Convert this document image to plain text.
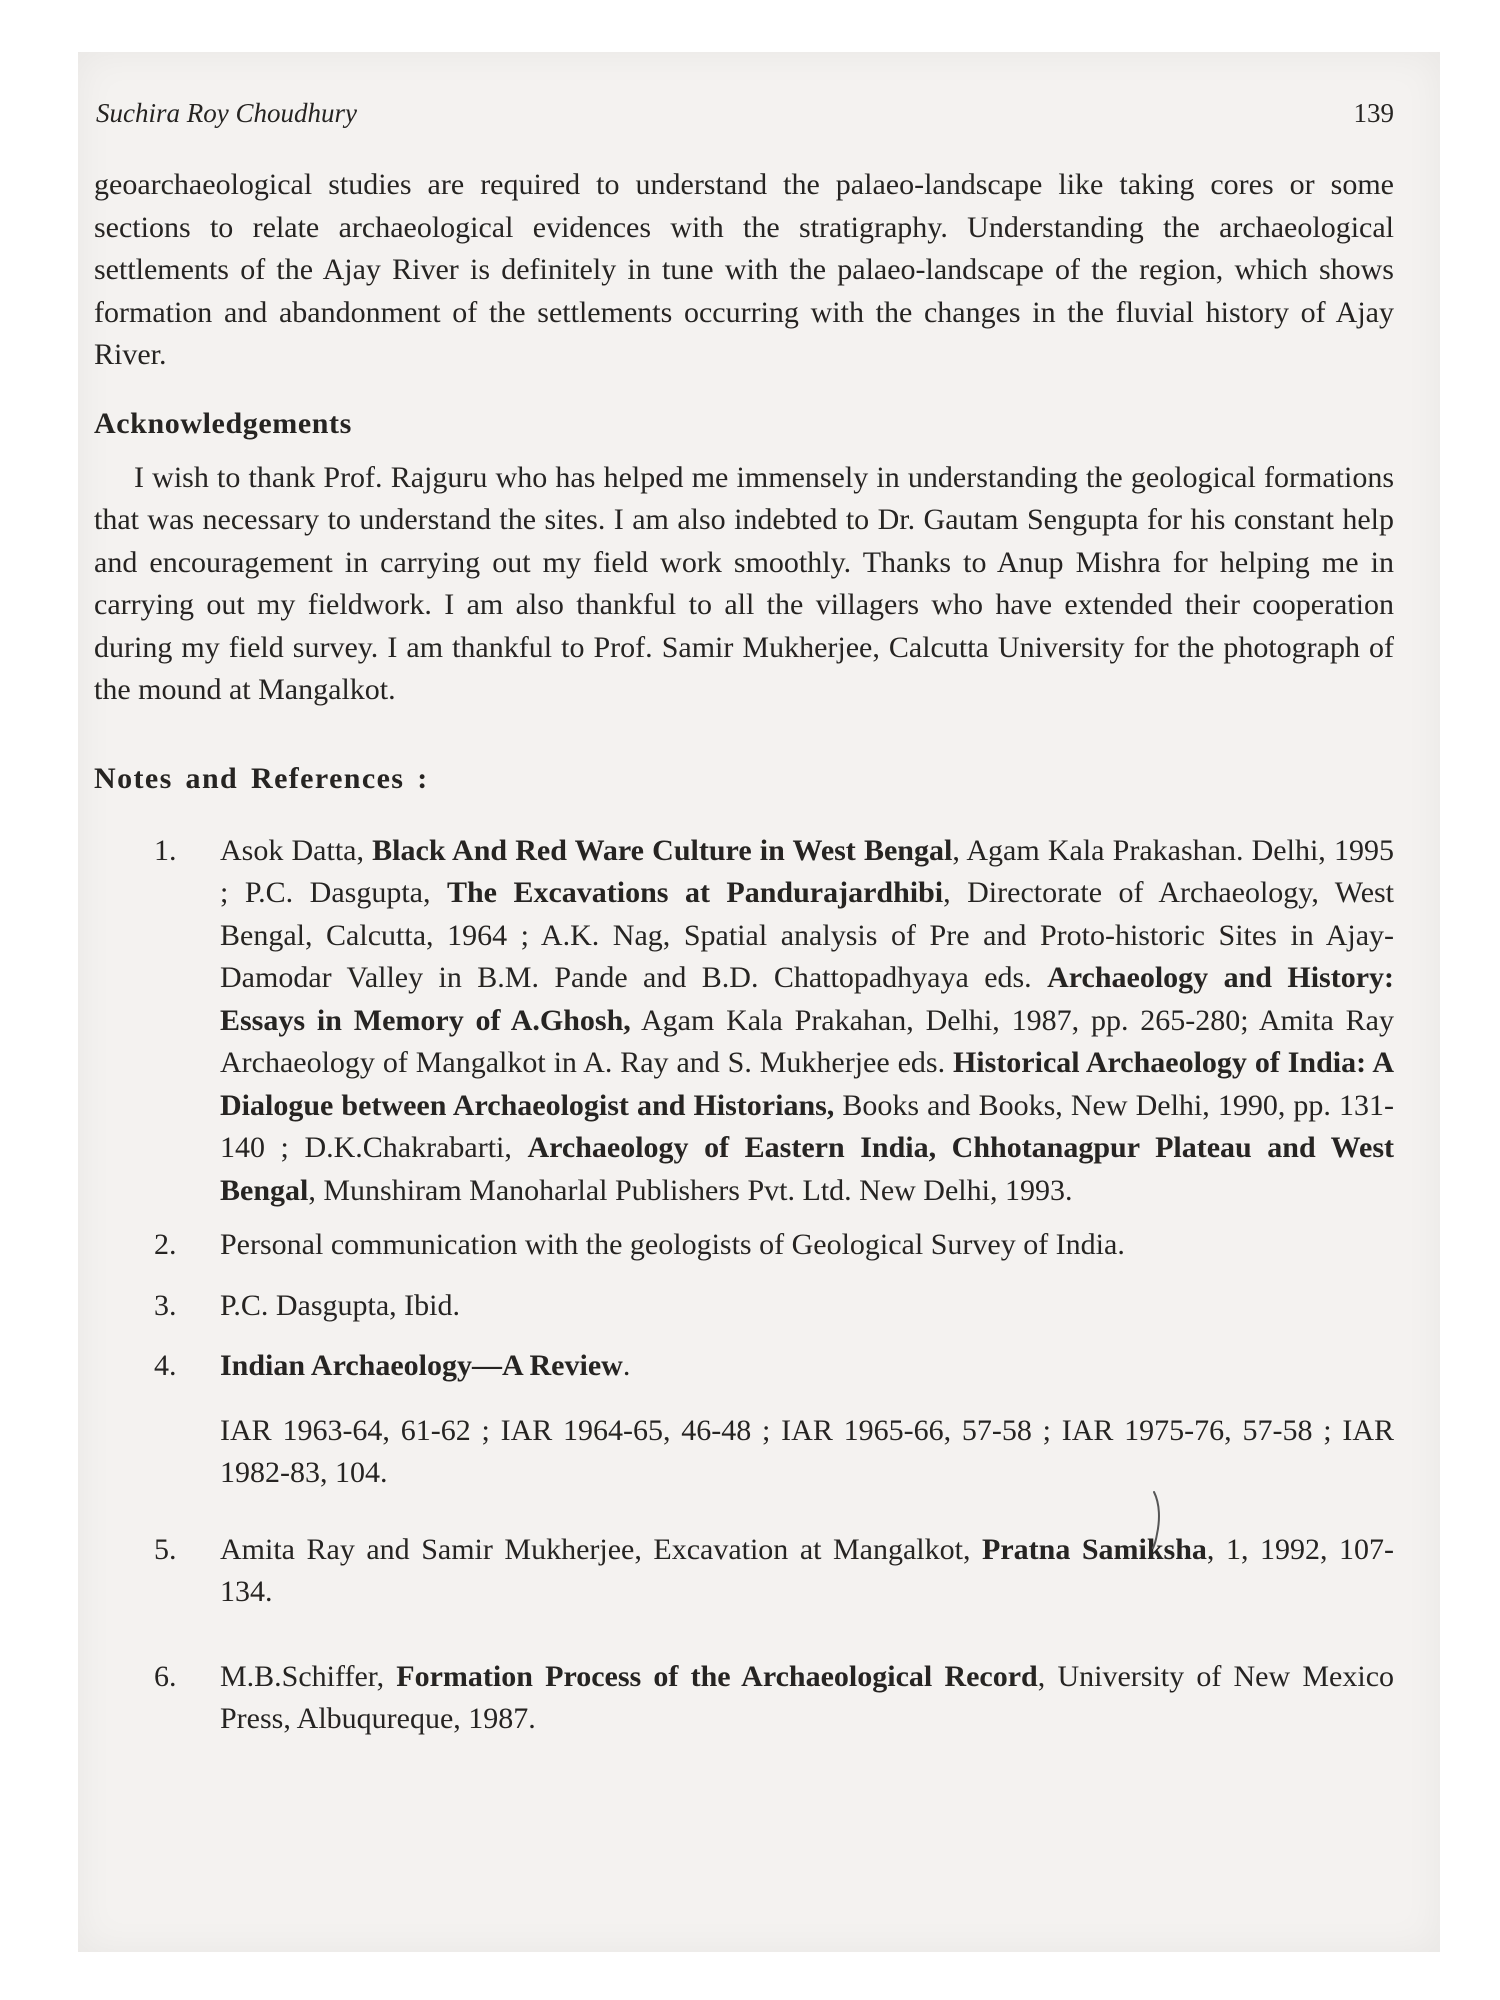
Suchira Roy Choudhury	139

geoarchaeological studies are required to understand the palaeo-landscape like taking cores or some sections to relate archaeological evidences with the stratigraphy. Understanding the archaeological settlements of the Ajay River is definitely in tune with the palaeo-landscape of the region, which shows formation and abandonment of the settlements occurring with the changes in the fluvial history of Ajay River.

Acknowledgements

I wish to thank Prof. Rajguru who has helped me immensely in understanding the geological formations that was necessary to understand the sites. I am also indebted to Dr. Gautam Sengupta for his constant help and encouragement in carrying out my field work smoothly. Thanks to Anup Mishra for helping me in carrying out my fieldwork. I am also thankful to all the villagers who have extended their cooperation during my field survey. I am thankful to Prof. Samir Mukherjee, Calcutta University for the photograph of the mound at Mangalkot.

Notes and References :
1. Asok Datta, Black And Red Ware Culture in West Bengal, Agam Kala Prakashan. Delhi, 1995 ; P.C. Dasgupta, The Excavations at Pandurajardhibi, Directorate of Archaeology, West Bengal, Calcutta, 1964 ; A.K. Nag, Spatial analysis of Pre and Proto-historic Sites in Ajay-Damodar Valley in B.M. Pande and B.D. Chattopadhyaya eds. Archaeology and History: Essays in Memory of A.Ghosh, Agam Kala Prakahan, Delhi, 1987, pp. 265-280; Amita Ray Archaeology of Mangalkot in A. Ray and S. Mukherjee eds. Historical Archaeology of India: A Dialogue between Archaeologist and Historians, Books and Books, New Delhi, 1990, pp. 131-140 ; D.K.Chakrabarti, Archaeology of Eastern India, Chhotanagpur Plateau and West Bengal, Munshiram Manoharlal Publishers Pvt. Ltd. New Delhi, 1993.
2. Personal communication with the geologists of Geological Survey of India.
3. P.C. Dasgupta, Ibid.
4. Indian Archaeology—A Review.
IAR 1963-64, 61-62 ; IAR 1964-65, 46-48 ; IAR 1965-66, 57-58 ; IAR 1975-76, 57-58 ; IAR 1982-83, 104.
5. Amita Ray and Samir Mukherjee, Excavation at Mangalkot, Pratna Samiksha, 1, 1992, 107-134.
6. M.B.Schiffer, Formation Process of the Archaeological Record, University of New Mexico Press, Albuqureque, 1987.
